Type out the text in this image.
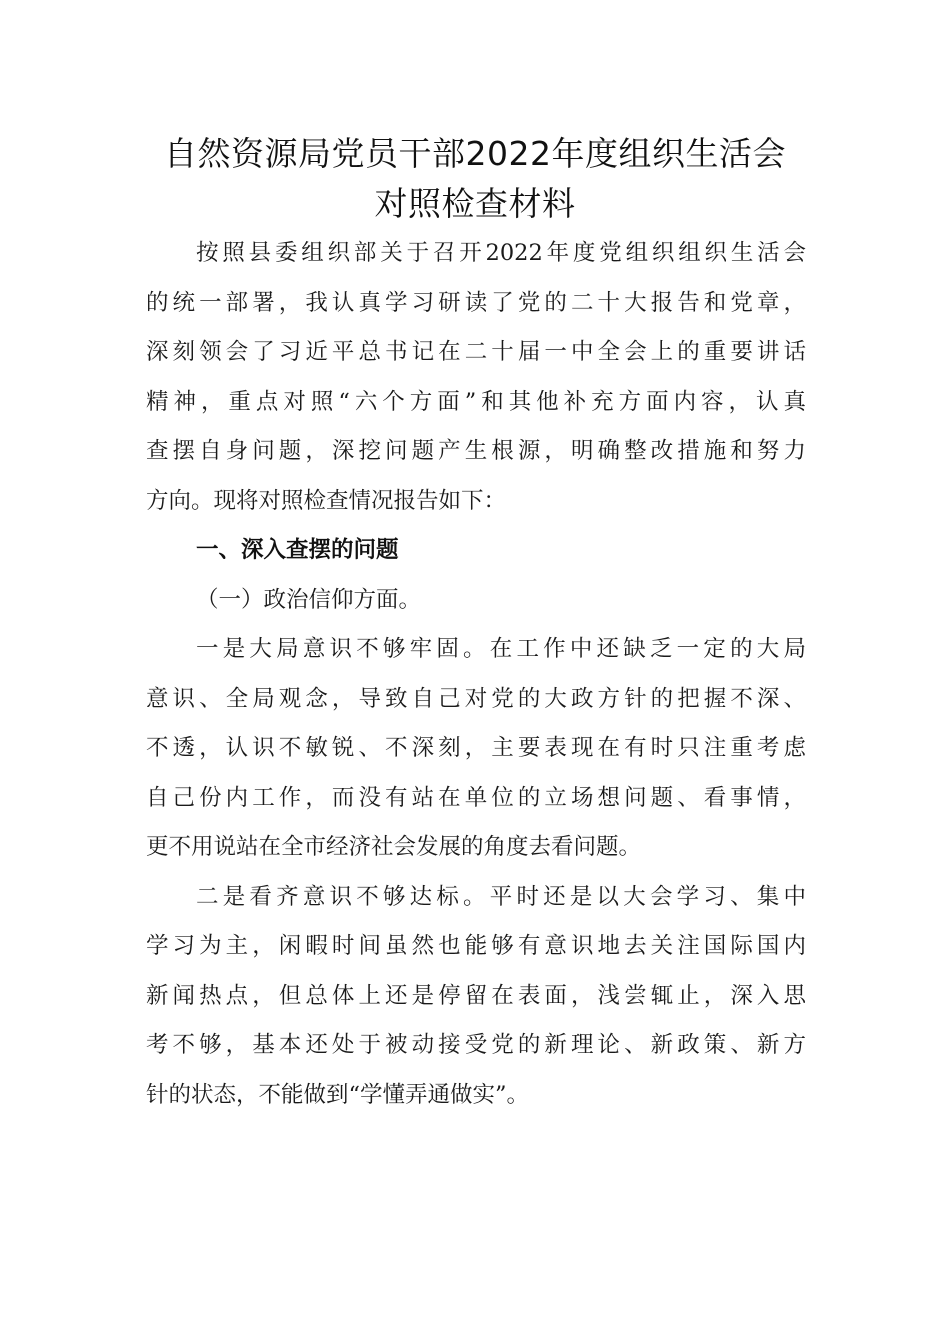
自然资源局党员干部2022年度组织生活会
对照检查材料
按照县委组织部关于召开2022年度党组织组织生活会
的统一部署，我认真学习研读了党的二十大报告和党章，
深刻领会了习近平总书记在二十届一中全会上的重要讲话
精神，重点对照“六个方面”和其他补充方面内容，认真
查摆自身问题，深挖问题产生根源，明确整改措施和努力
方向。现将对照检查情况报告如下：
一、深入查摆的问题
（一）政治信仰方面。
一是大局意识不够牢固。在工作中还缺乏一定的大局
意识、全局观念，导致自己对党的大政方针的把握不深、
不透，认识不敏锐、不深刻，主要表现在有时只注重考虑
自己份内工作，而没有站在单位的立场想问题、看事情，
更不用说站在全市经济社会发展的角度去看问题。
二是看齐意识不够达标。平时还是以大会学习、集中
学习为主，闲暇时间虽然也能够有意识地去关注国际国内
新闻热点，但总体上还是停留在表面，浅尝辄止，深入思
考不够，基本还处于被动接受党的新理论、新政策、新方
针的状态，不能做到“学懂弄通做实”。
